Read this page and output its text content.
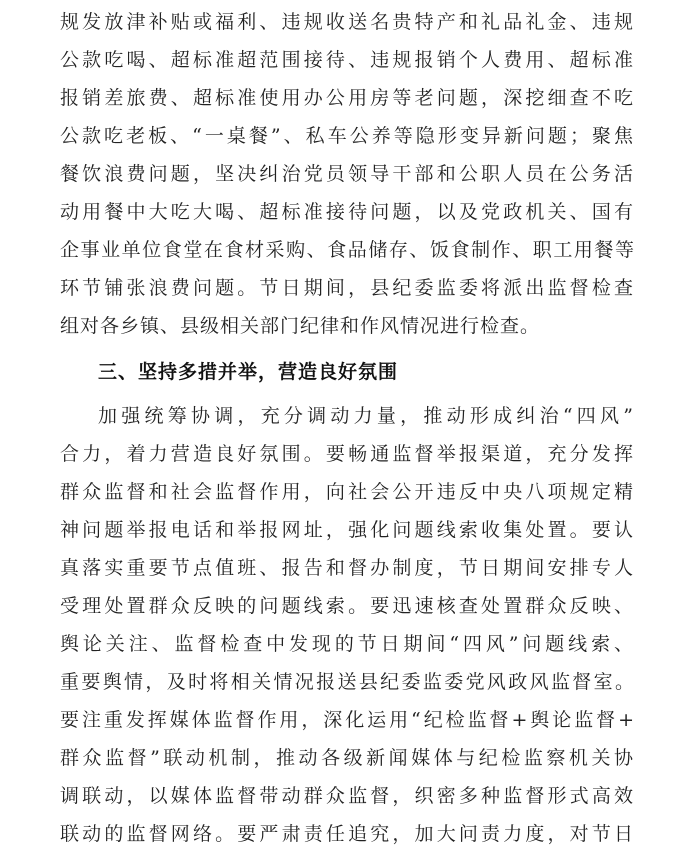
规发放津补贴或福利、违规收送名贵特产和礼品礼金、违规
公款吃喝、超标准超范围接待、违规报销个人费用、超标准
报销差旅费、超标准使用办公用房等老问题，深挖细查不吃
公款吃老板、“一桌餐”、私车公养等隐形变异新问题；聚焦
餐饮浪费问题，坚决纠治党员领导干部和公职人员在公务活
动用餐中大吃大喝、超标准接待问题，以及党政机关、国有
企事业单位食堂在食材采购、食品储存、饭食制作、职工用餐等
环节铺张浪费问题。节日期间，县纪委监委将派出监督检查
组对各乡镇、县级相关部门纪律和作风情况进行检查。
三、坚持多措并举，营造良好氛围
加强统筹协调，充分调动力量，推动形成纠治“四风”
合力，着力营造良好氛围。要畅通监督举报渠道，充分发挥
群众监督和社会监督作用，向社会公开违反中央八项规定精
神问题举报电话和举报网址，强化问题线索收集处置。要认
真落实重要节点值班、报告和督办制度，节日期间安排专人
受理处置群众反映的问题线索。要迅速核查处置群众反映、
舆论关注、监督检查中发现的节日期间“四风”问题线索、
重要舆情，及时将相关情况报送县纪委监委党风政风监督室。
要注重发挥媒体监督作用，深化运用“纪检监督+舆论监督+
群众监督”联动机制，推动各级新闻媒体与纪检监察机关协
调联动，以媒体监督带动群众监督，织密多种监督形式高效
联动的监督网络。要严肃责任追究，加大问责力度，对节日
